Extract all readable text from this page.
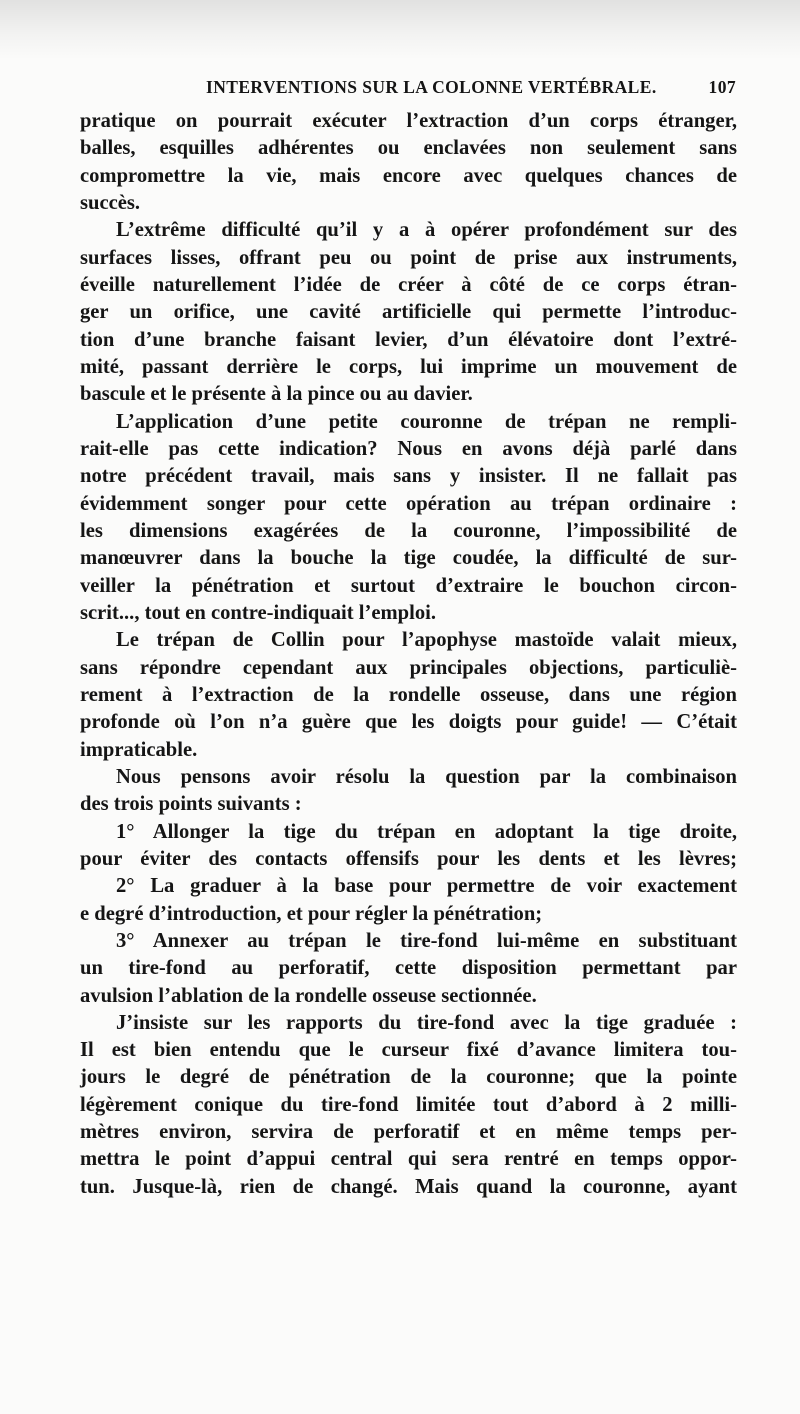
INTERVENTIONS SUR LA COLONNE VERTÉBRALE.	107
pratique on pourrait exécuter l’extraction d’un corps étranger,
balles, esquilles adhérentes ou enclavées non seulement sans
compromettre la vie, mais encore avec quelques chances de
succès.
L’extrême difficulté qu’il y a à opérer profondément sur des
surfaces lisses, offrant peu ou point de prise aux instruments,
éveille naturellement l’idée de créer à côté de ce corps étran-
ger un orifice, une cavité artificielle qui permette l’introduc-
tion d’une branche faisant levier, d’un élévatoire dont l’extré-
mité, passant derrière le corps, lui imprime un mouvement de
bascule et le présente à la pince ou au davier.
L’application d’une petite couronne de trépan ne rempli-
rait-elle pas cette indication? Nous en avons déjà parlé dans
notre précédent travail, mais sans y insister. Il ne fallait pas
évidemment songer pour cette opération au trépan ordinaire :
les dimensions exagérées de la couronne, l’impossibilité de
manœuvrer dans la bouche la tige coudée, la difficulté de sur-
veiller la pénétration et surtout d’extraire le bouchon circon-
scrit..., tout en contre-indiquait l’emploi.
Le trépan de Collin pour l’apophyse mastoïde valait mieux,
sans répondre cependant aux principales objections, particuliè-
rement à l’extraction de la rondelle osseuse, dans une région
profonde où l’on n’a guère que les doigts pour guide! — C’était
impraticable.
Nous pensons avoir résolu la question par la combinaison
des trois points suivants :
1° Allonger la tige du trépan en adoptant la tige droite,
pour éviter des contacts offensifs pour les dents et les lèvres;
2° La graduer à la base pour permettre de voir exactement
e degré d’introduction, et pour régler la pénétration;
3° Annexer au trépan le tire-fond lui-même en substituant
un tire-fond au perforatif, cette disposition permettant par
avulsion l’ablation de la rondelle osseuse sectionnée.
J’insiste sur les rapports du tire-fond avec la tige graduée :
Il est bien entendu que le curseur fixé d’avance limitera tou-
jours le degré de pénétration de la couronne; que la pointe
légèrement conique du tire-fond limitée tout d’abord à 2 milli-
mètres environ, servira de perforatif et en même temps per-
mettra le point d’appui central qui sera rentré en temps oppor-
tun. Jusque-là, rien de changé. Mais quand la couronne, ayant
